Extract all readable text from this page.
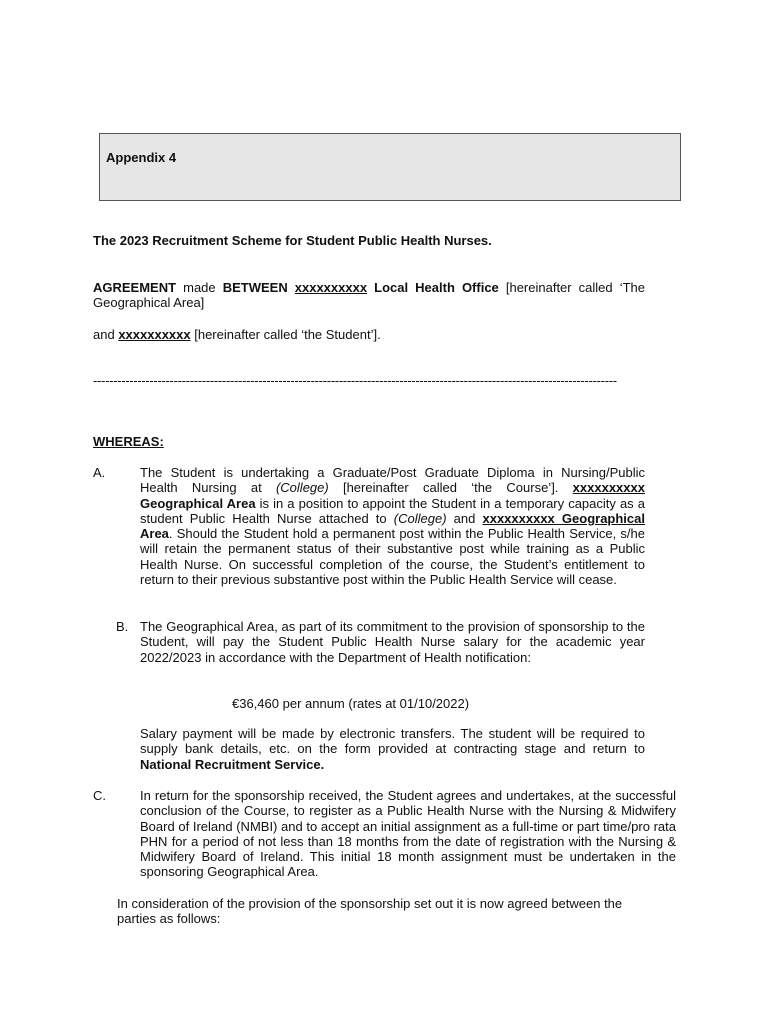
Appendix 4
The 2023 Recruitment Scheme for Student Public Health Nurses.
AGREEMENT made BETWEEN xxxxxxxxxx Local Health Office [hereinafter called ‘The Geographical Area]
and xxxxxxxxxx [hereinafter called ‘the Student’].
----------------------------------------------------------------------------------------------------------------------------------
WHEREAS:
A.	The Student is undertaking a Graduate/Post Graduate Diploma in Nursing/Public Health Nursing at (College) [hereinafter called ‘the Course’]. xxxxxxxxxx Geographical Area is in a position to appoint the Student in a temporary capacity as a student Public Health Nurse attached to (College) and xxxxxxxxxx Geographical Area. Should the Student hold a permanent post within the Public Health Service, s/he will retain the permanent status of their substantive post while training as a Public Health Nurse. On successful completion of the course, the Student’s entitlement to return to their previous substantive post within the Public Health Service will cease.
B. The Geographical Area, as part of its commitment to the provision of sponsorship to the Student, will pay the Student Public Health Nurse salary for the academic year 2022/2023 in accordance with the Department of Health notification:
€36,460 per annum (rates at 01/10/2022)
Salary payment will be made by electronic transfers. The student will be required to supply bank details, etc. on the form provided at contracting stage and return to National Recruitment Service.
C.	In return for the sponsorship received, the Student agrees and undertakes, at the successful conclusion of the Course, to register as a Public Health Nurse with the Nursing & Midwifery Board of Ireland (NMBI) and to accept an initial assignment as a full-time or part time/pro rata PHN for a period of not less than 18 months from the date of registration with the Nursing & Midwifery Board of Ireland. This initial 18 month assignment must be undertaken in the sponsoring Geographical Area.
In consideration of the provision of the sponsorship set out it is now agreed between the parties as follows:
